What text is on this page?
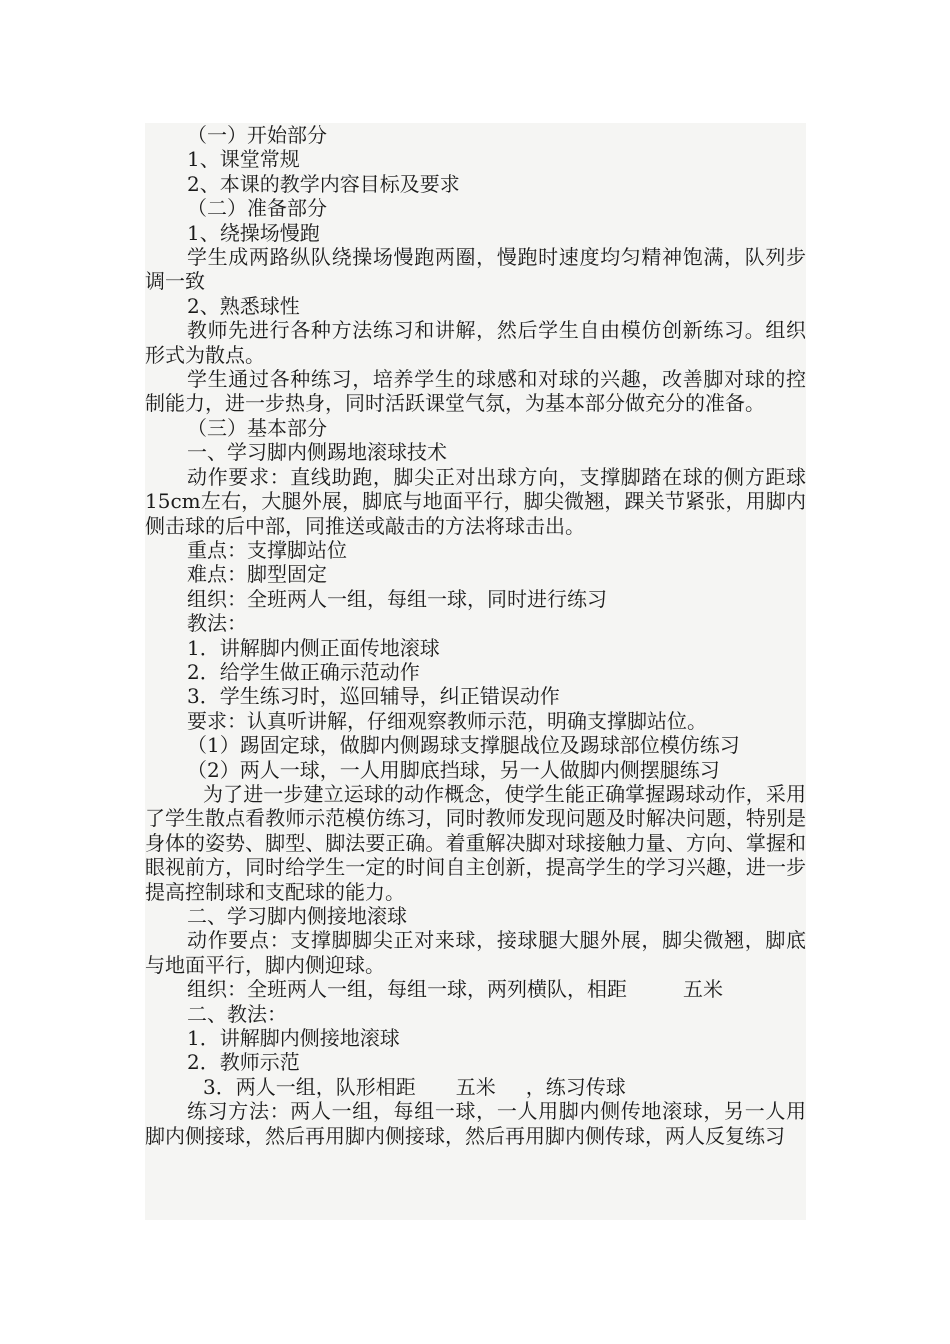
（一）开始部分

1、课堂常规

2、本课的教学内容目标及要求

（二）准备部分

1、绕操场慢跑

学生成两路纵队绕操场慢跑两圈，慢跑时速度均匀精神饱满，队列步调一致

2、熟悉球性

教师先进行各种方法练习和讲解，然后学生自由模仿创新练习。组织形式为散点。

学生通过各种练习，培养学生的球感和对球的兴趣，改善脚对球的控制能力，进一步热身，同时活跃课堂气氛，为基本部分做充分的准备。

（三）基本部分

一、学习脚内侧踢地滚球技术

动作要求：直线助跑，脚尖正对出球方向，支撑脚踏在球的侧方距球15cm左右，大腿外展，脚底与地面平行，脚尖微翘，踝关节紧张，用脚内侧击球的后中部，同推送或敲击的方法将球击出。

重点：支撑脚站位

难点：脚型固定

组织：全班两人一组，每组一球，同时进行练习

教法：

1．讲解脚内侧正面传地滚球

2．给学生做正确示范动作

3．学生练习时，巡回辅导，纠正错误动作

要求：认真听讲解，仔细观察教师示范，明确支撑脚站位。

（1）踢固定球，做脚内侧踢球支撑腿战位及踢球部位模仿练习

（2）两人一球，一人用脚底挡球，另一人做脚内侧摆腿练习

为了进一步建立运球的动作概念，使学生能正确掌握踢球动作，采用了学生散点看教师示范模仿练习，同时教师发现问题及时解决问题，特别是身体的姿势、脚型、脚法要正确。着重解决脚对球接触力量、方向、掌握和眼视前方，同时给学生一定的时间自主创新，提高学生的学习兴趣，进一步提高控制球和支配球的能力。

二、学习脚内侧接地滚球

动作要点：支撑脚脚尖正对来球，接球腿大腿外展，脚尖微翘，脚底与地面平行，脚内侧迎球。

组织：全班两人一组，每组一球，两列横队，相距	五米

二、教法：

1．讲解脚内侧接地滚球

2．教师示范

3．两人一组，队形相距 五米 ，练习传球

练习方法：两人一组，每组一球，一人用脚内侧传地滚球，另一人用脚内侧接球，然后再用脚内侧接球，然后再用脚内侧传球，两人反复练习
